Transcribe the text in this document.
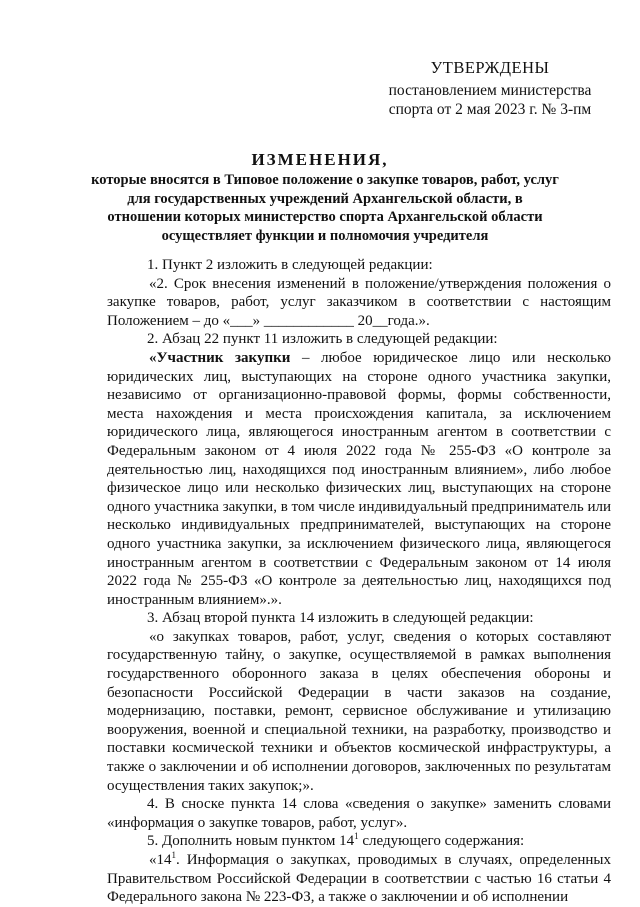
УТВЕРЖДЕНЫ
постановлением министерства
спорта от 2 мая 2023 г. № 3-пм
ИЗМЕНЕНИЯ,
которые вносятся в Типовое положение о закупке товаров, работ, услуг для государственных учреждений Архангельской области, в отношении которых министерство спорта Архангельской области осуществляет функции и полномочия учредителя

1. Пункт 2 изложить в следующей редакции:

«2. Срок внесения изменений в положение/утверждения положения о закупке товаров, работ, услуг заказчиком в соответствии с настоящим Положением – до «___» ____________ 20__года.».

2. Абзац 22 пункт 11 изложить в следующей редакции:

«Участник закупки – любое юридическое лицо или несколько юридических лиц, выступающих на стороне одного участника закупки, независимо от организационно-правовой формы, формы собственности, места нахождения и места происхождения капитала, за исключением юридического лица, являющегося иностранным агентом в соответствии с Федеральным законом от 4 июля 2022 года № 255-ФЗ «О контроле за деятельностью лиц, находящихся под иностранным влиянием», либо любое физическое лицо или несколько физических лиц, выступающих на стороне одного участника закупки, в том числе индивидуальный предприниматель или несколько индивидуальных предпринимателей, выступающих на стороне одного участника закупки, за исключением физического лица, являющегося иностранным агентом в соответствии с Федеральным законом от 14 июля 2022 года № 255-ФЗ «О контроле за деятельностью лиц, находящихся под иностранным влиянием».».

3. Абзац второй пункта 14 изложить в следующей редакции:

«о закупках товаров, работ, услуг, сведения о которых составляют государственную тайну, о закупке, осуществляемой в рамках выполнения государственного оборонного заказа в целях обеспечения обороны и безопасности Российской Федерации в части заказов на создание, модернизацию, поставки, ремонт, сервисное обслуживание и утилизацию вооружения, военной и специальной техники, на разработку, производство и поставки космической техники и объектов космической инфраструктуры, а также о заключении и об исполнении договоров, заключенных по результатам осуществления таких закупок;».

4. В сноске пункта 14 слова «сведения о закупке» заменить словами «информация о закупке товаров, работ, услуг».

5. Дополнить новым пунктом $14^1$ следующего содержания:

«$14^1$. Информация о закупках, проводимых в случаях, определенных Правительством Российской Федерации в соответствии с частью 16 статьи 4 Федерального закона № 223-ФЗ, а также о заключении и об исполнении
